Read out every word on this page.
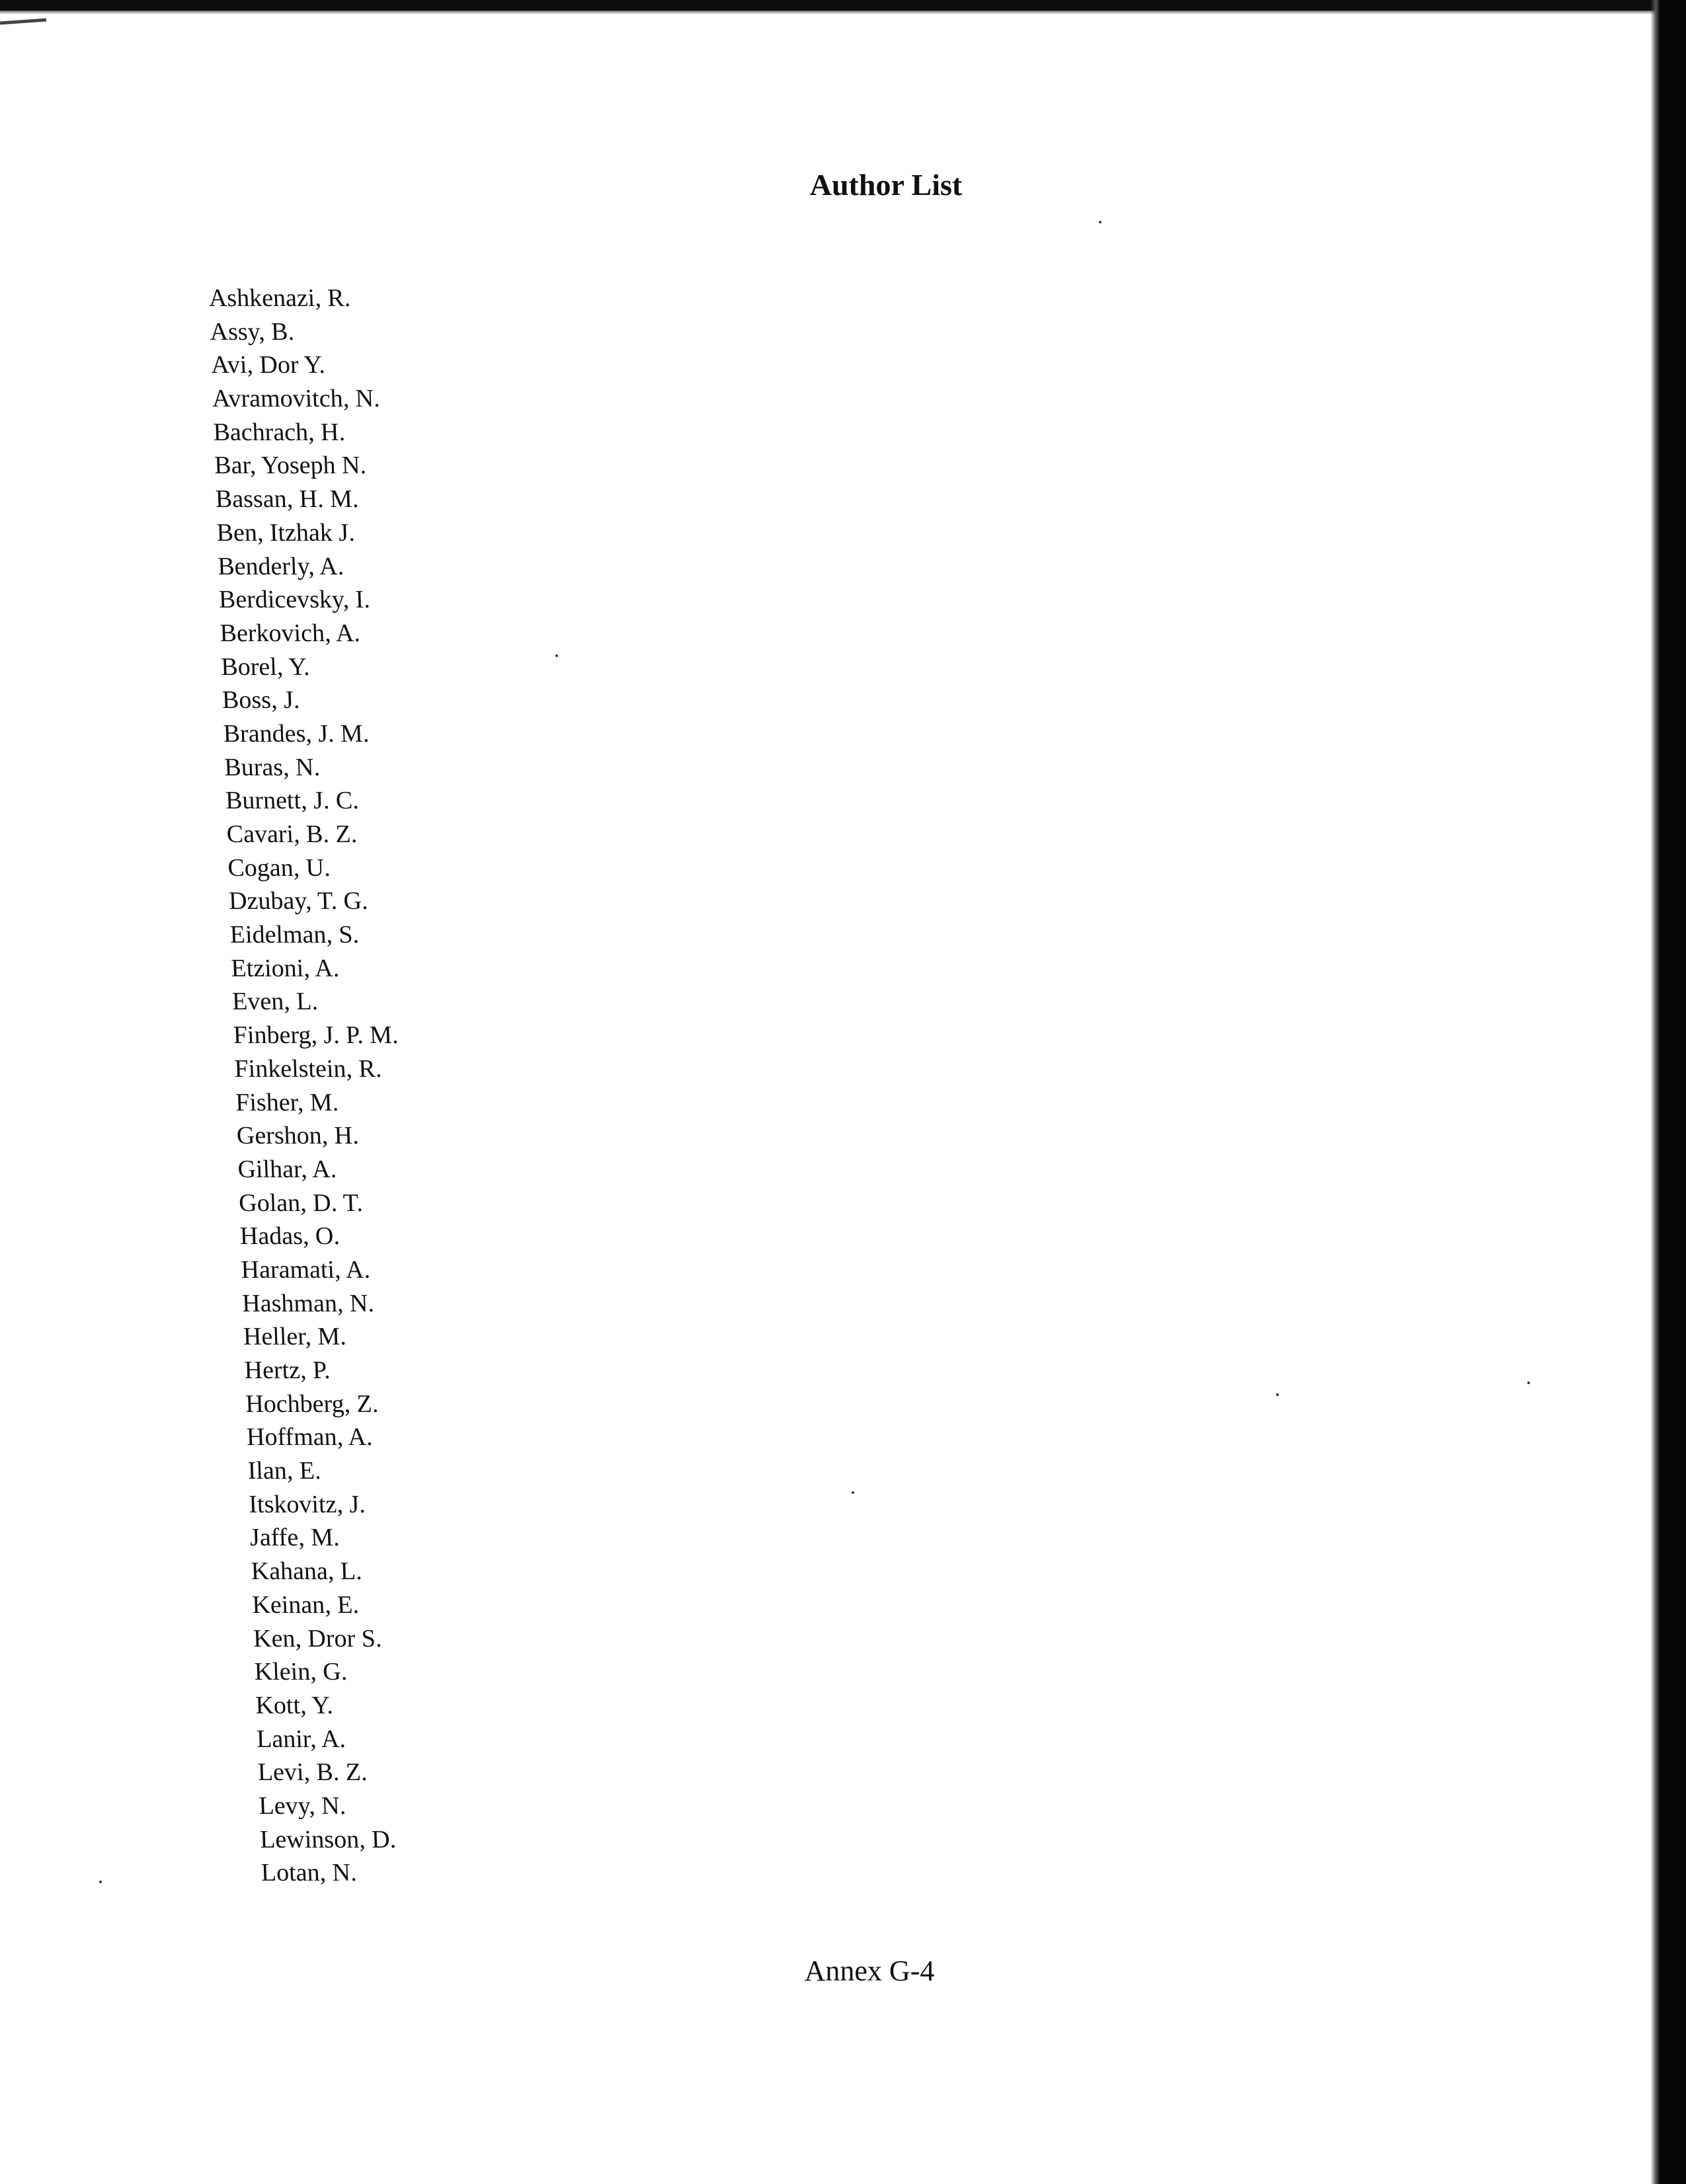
Author List
Ashkenazi, R.
Assy, B.
Avi, Dor Y.
Avramovitch, N.
Bachrach, H.
Bar, Yoseph N.
Bassan, H. M.
Ben, Itzhak J.
Benderly, A.
Berdicevsky, I.
Berkovich, A.
Borel, Y.
Boss, J.
Brandes, J. M.
Buras, N.
Burnett, J. C.
Cavari, B. Z.
Cogan, U.
Dzubay, T. G.
Eidelman, S.
Etzioni, A.
Even, L.
Finberg, J. P. M.
Finkelstein, R.
Fisher, M.
Gershon, H.
Gilhar, A.
Golan, D. T.
Hadas, O.
Haramati, A.
Hashman, N.
Heller, M.
Hertz, P.
Hochberg, Z.
Hoffman, A.
Ilan, E.
Itskovitz, J.
Jaffe, M.
Kahana, L.
Keinan, E.
Ken, Dror S.
Klein, G.
Kott, Y.
Lanir, A.
Levi, B. Z.
Levy, N.
Lewinson, D.
Lotan, N.
Annex G-4
